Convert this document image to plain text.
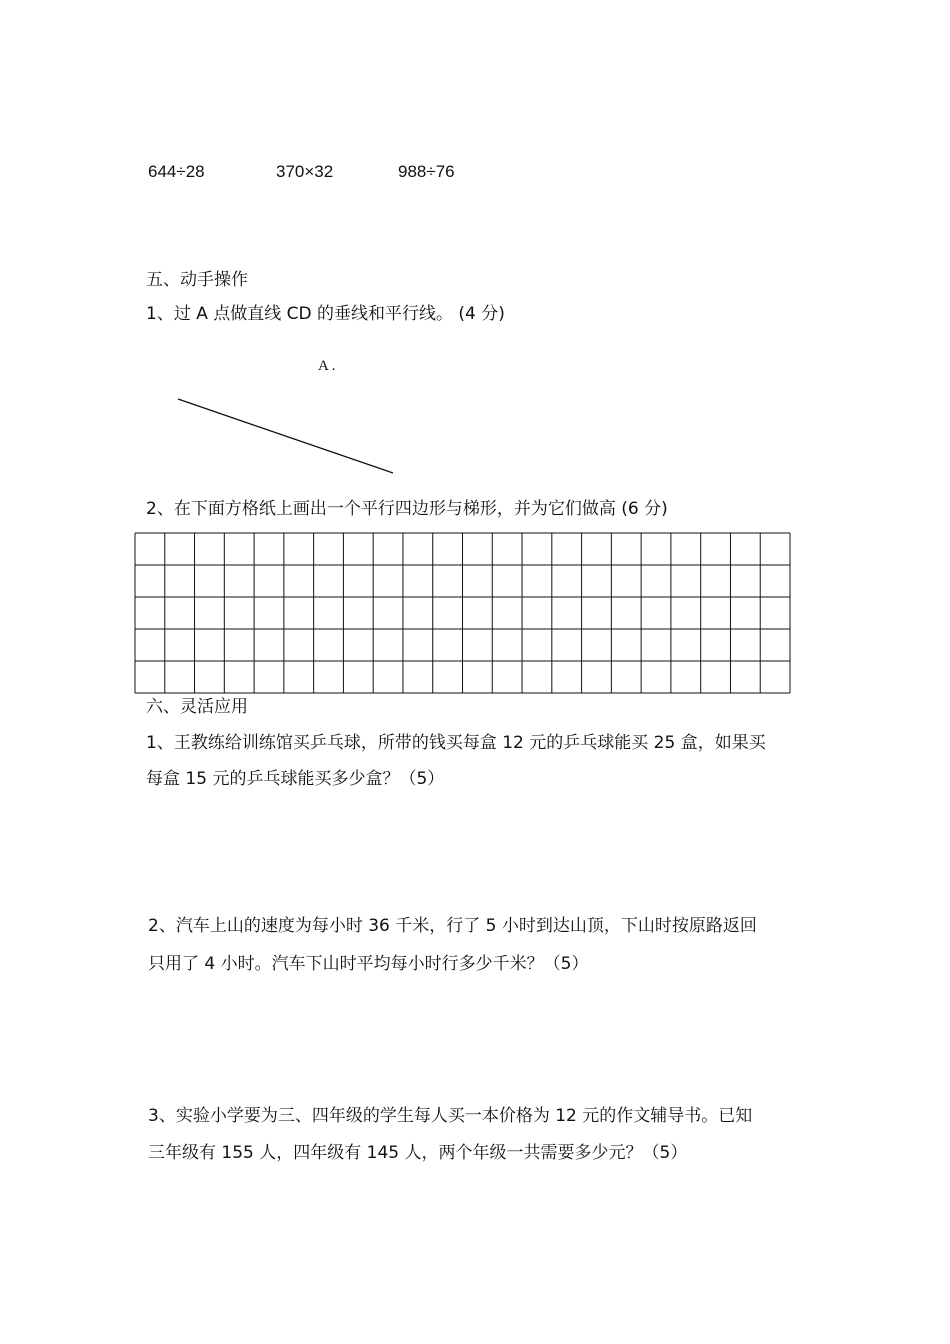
644÷28	370×32	988÷76
五、动手操作
1、过 A 点做直线 CD 的垂线和平行线。 (4 分)
A .
2、在下面方格纸上画出一个平行四边形与梯形，并为它们做高 (6 分)
六、灵活应用
1、王教练给训练馆买乒乓球，所带的钱买每盒 12 元的乒乓球能买 25 盒，如果买
每盒 15 元的乒乓球能买多少盒？（5）
2、汽车上山的速度为每小时 36 千米，行了 5 小时到达山顶，下山时按原路返回
只用了 4 小时。汽车下山时平均每小时行多少千米？（5）
3、实验小学要为三、四年级的学生每人买一本价格为 12 元的作文辅导书。已知
三年级有 155 人，四年级有 145 人，两个年级一共需要多少元？（5）
